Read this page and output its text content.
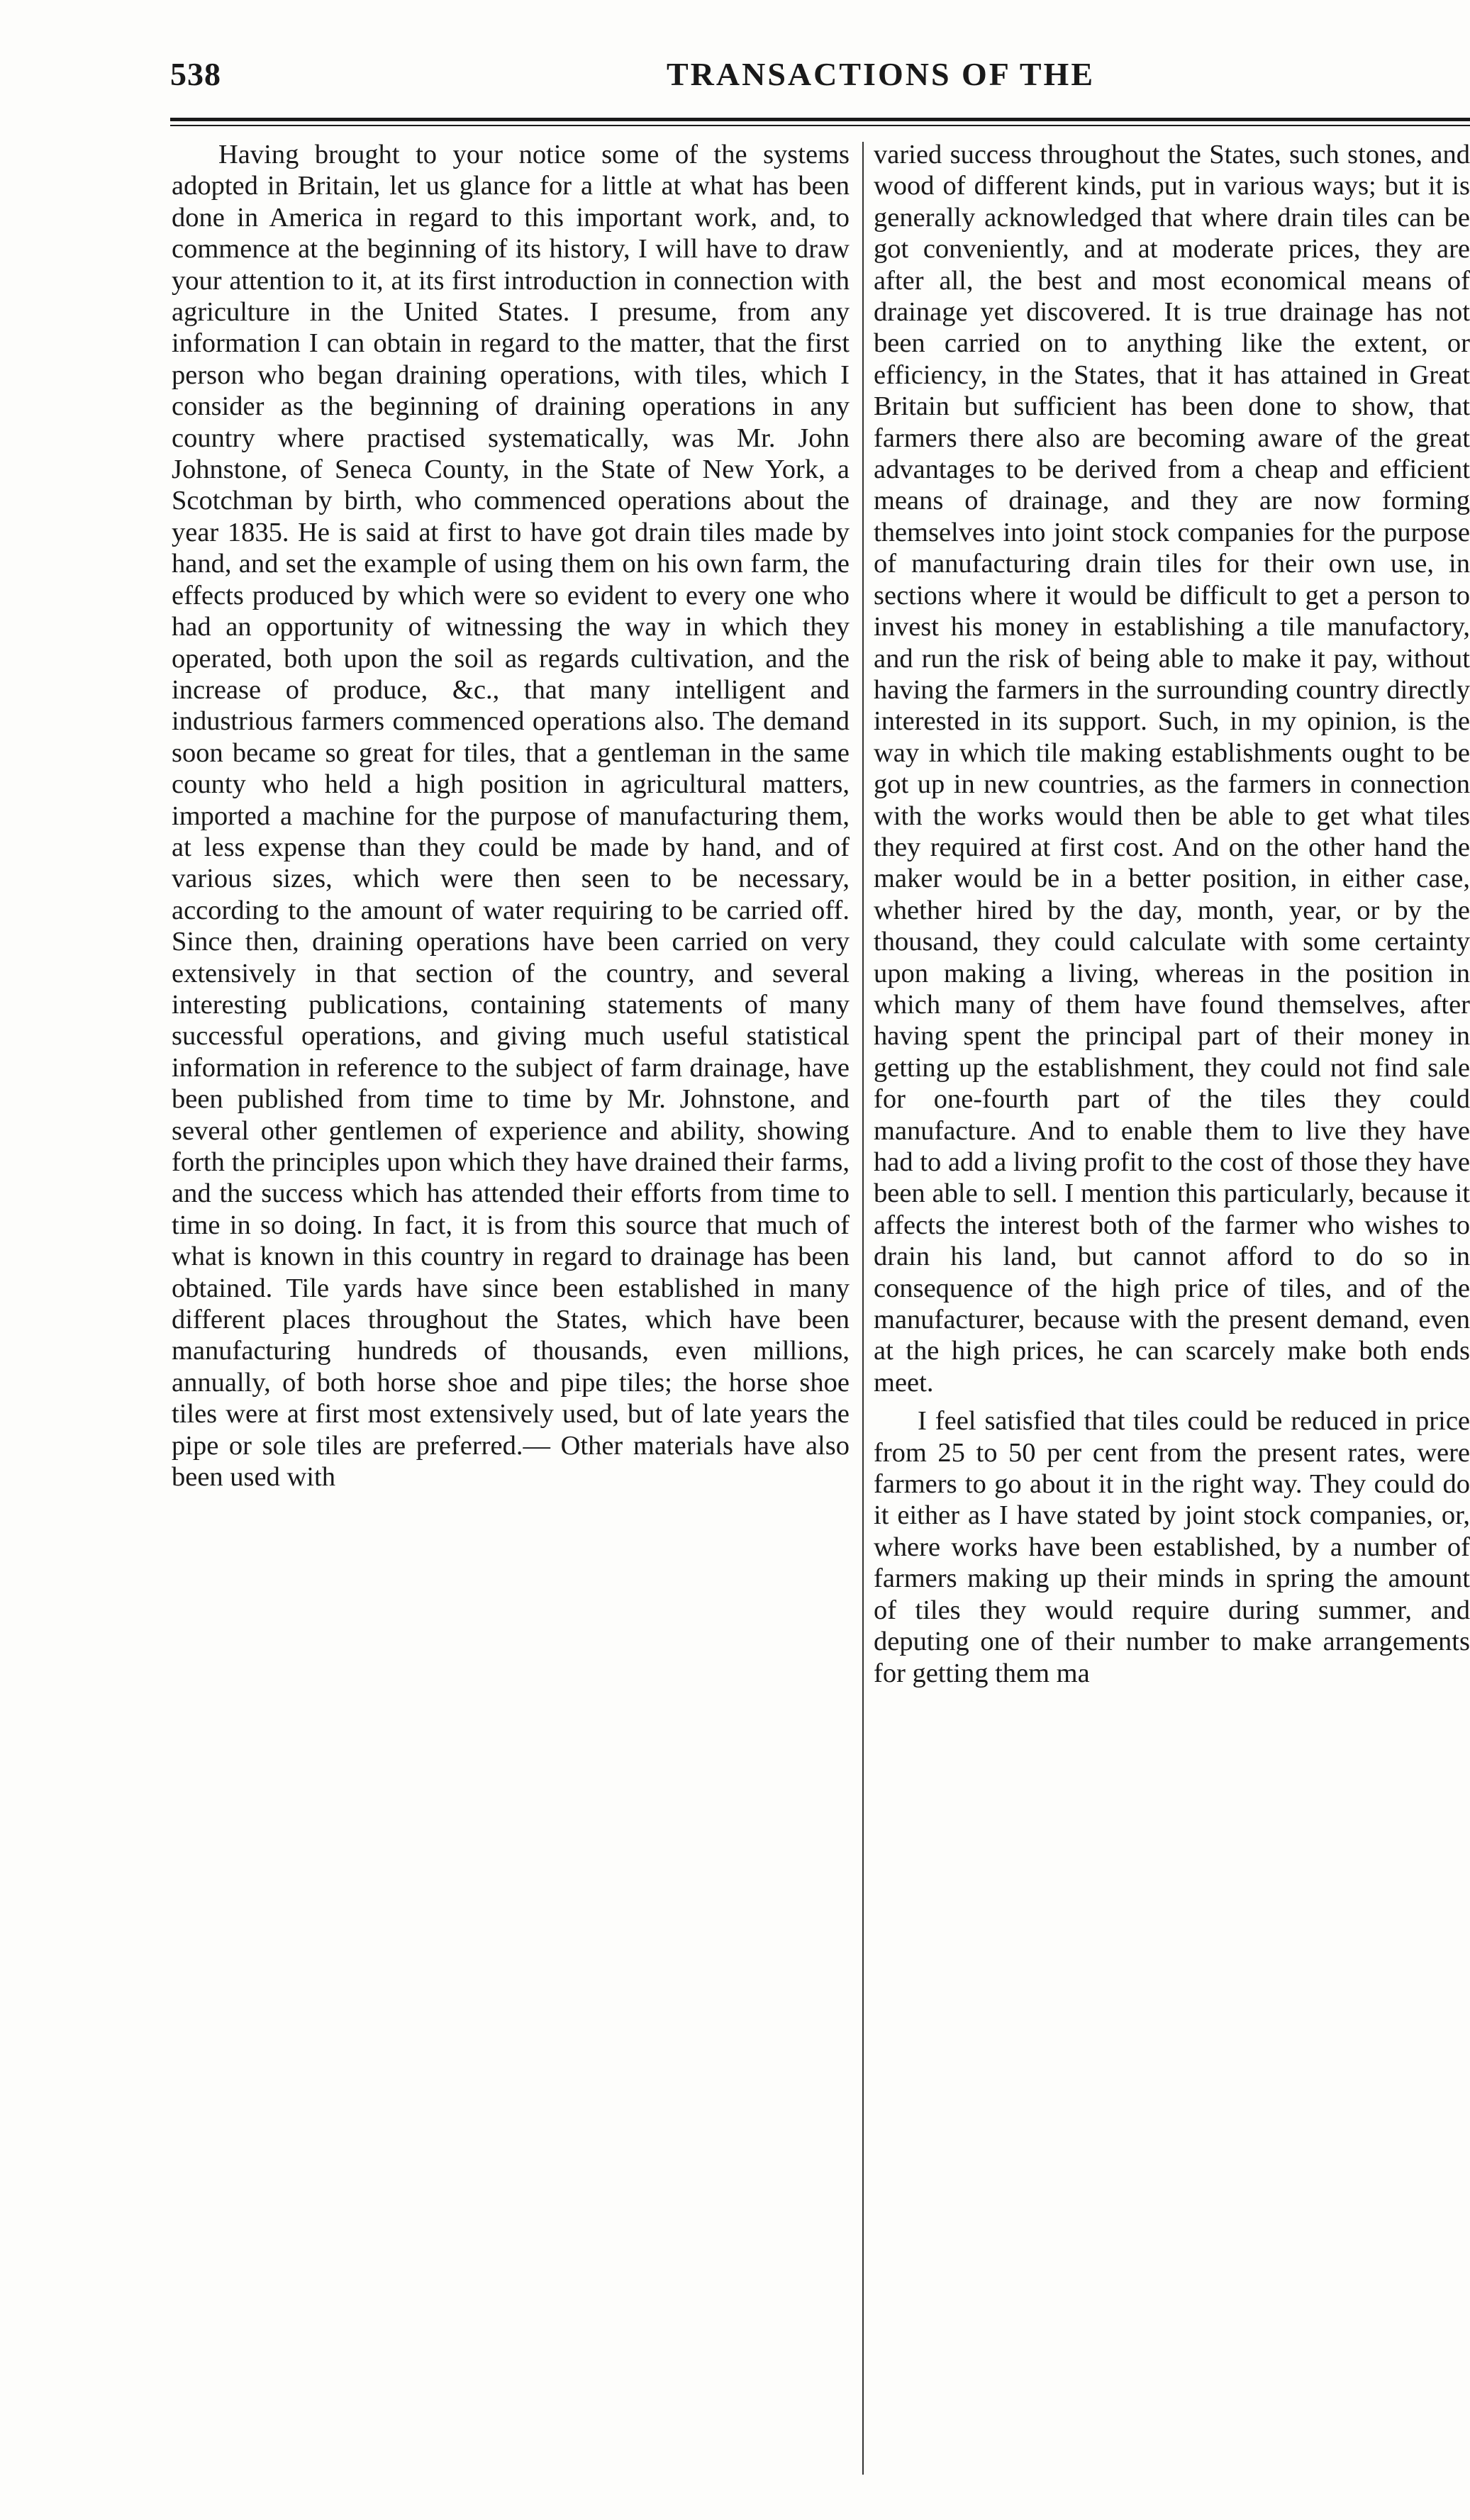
538	TRANSACTIONS OF THE

Having brought to your notice some of the systems adopted in Britain, let us glance for a little at what has been done in America in regard to this important work, and, to commence at the beginning of its history, I will have to draw your attention to it, at its first introduction in connection with agriculture in the United States. I presume, from any information I can obtain in regard to the matter, that the first person who began draining operations, with tiles, which I consider as the beginning of draining operations in any country where practised systematically, was Mr. John Johnstone, of Seneca County, in the State of New York, a Scotchman by birth, who commenced operations about the year 1835. He is said at first to have got drain tiles made by hand, and set the example of using them on his own farm, the effects produced by which were so evident to every one who had an opportunity of witnessing the way in which they operated, both upon the soil as regards cultivation, and the increase of produce, &c., that many intelligent and industrious farmers commenced operations also. The demand soon became so great for tiles, that a gentleman in the same county who held a high position in agricultural matters, imported a machine for the purpose of manufacturing them, at less expense than they could be made by hand, and of various sizes, which were then seen to be necessary, according to the amount of water requiring to be carried off. Since then, draining operations have been carried on very extensively in that section of the country, and several interesting publications, containing statements of many successful operations, and giving much useful statistical information in reference to the subject of farm drainage, have been published from time to time by Mr. Johnstone, and several other gentlemen of experience and ability, showing forth the principles upon which they have drained their farms, and the success which has attended their efforts from time to time in so doing. In fact, it is from this source that much of what is known in this country in regard to drainage has been obtained. Tile yards have since been established in many different places throughout the States, which have been manufacturing hundreds of thousands, even millions, annually, of both horse shoe and pipe tiles; the horse shoe tiles were at first most extensively used, but of late years the pipe or sole tiles are preferred.— Other materials have also been used with

varied success throughout the States, such stones, and wood of different kinds, put in various ways; but it is generally acknowledged that where drain tiles can be got conveniently, and at moderate prices, they are after all, the best and most economical means of drainage yet discovered. It is true drainage has not been carried on to anything like the extent, or efficiency, in the States, that it has attained in Great Britain but sufficient has been done to show, that farmers there also are becoming aware of the great advantages to be derived from a cheap and efficient means of drainage, and they are now forming themselves into joint stock companies for the purpose of manufacturing drain tiles for their own use, in sections where it would be difficult to get a person to invest his money in establishing a tile manufactory, and run the risk of being able to make it pay, without having the farmers in the surrounding country directly interested in its support. Such, in my opinion, is the way in which tile making establishments ought to be got up in new countries, as the farmers in connection with the works would then be able to get what tiles they required at first cost. And on the other hand the maker would be in a better position, in either case, whether hired by the day, month, year, or by the thousand, they could calculate with some certainty upon making a living, whereas in the position in which many of them have found themselves, after having spent the principal part of their money in getting up the establishment, they could not find sale for one-fourth part of the tiles they could manufacture. And to enable them to live they have had to add a living profit to the cost of those they have been able to sell. I mention this particularly, because it affects the interest both of the farmer who wishes to drain his land, but cannot afford to do so in consequence of the high price of tiles, and of the manufacturer, because with the present demand, even at the high prices, he can scarcely make both ends meet.

I feel satisfied that tiles could be reduced in price from 25 to 50 per cent from the present rates, were farmers to go about it in the right way. They could do it either as I have stated by joint stock companies, or, where works have been established, by a number of farmers making up their minds in spring the amount of tiles they would require during summer, and deputing one of their number to make arrangements for getting them ma
